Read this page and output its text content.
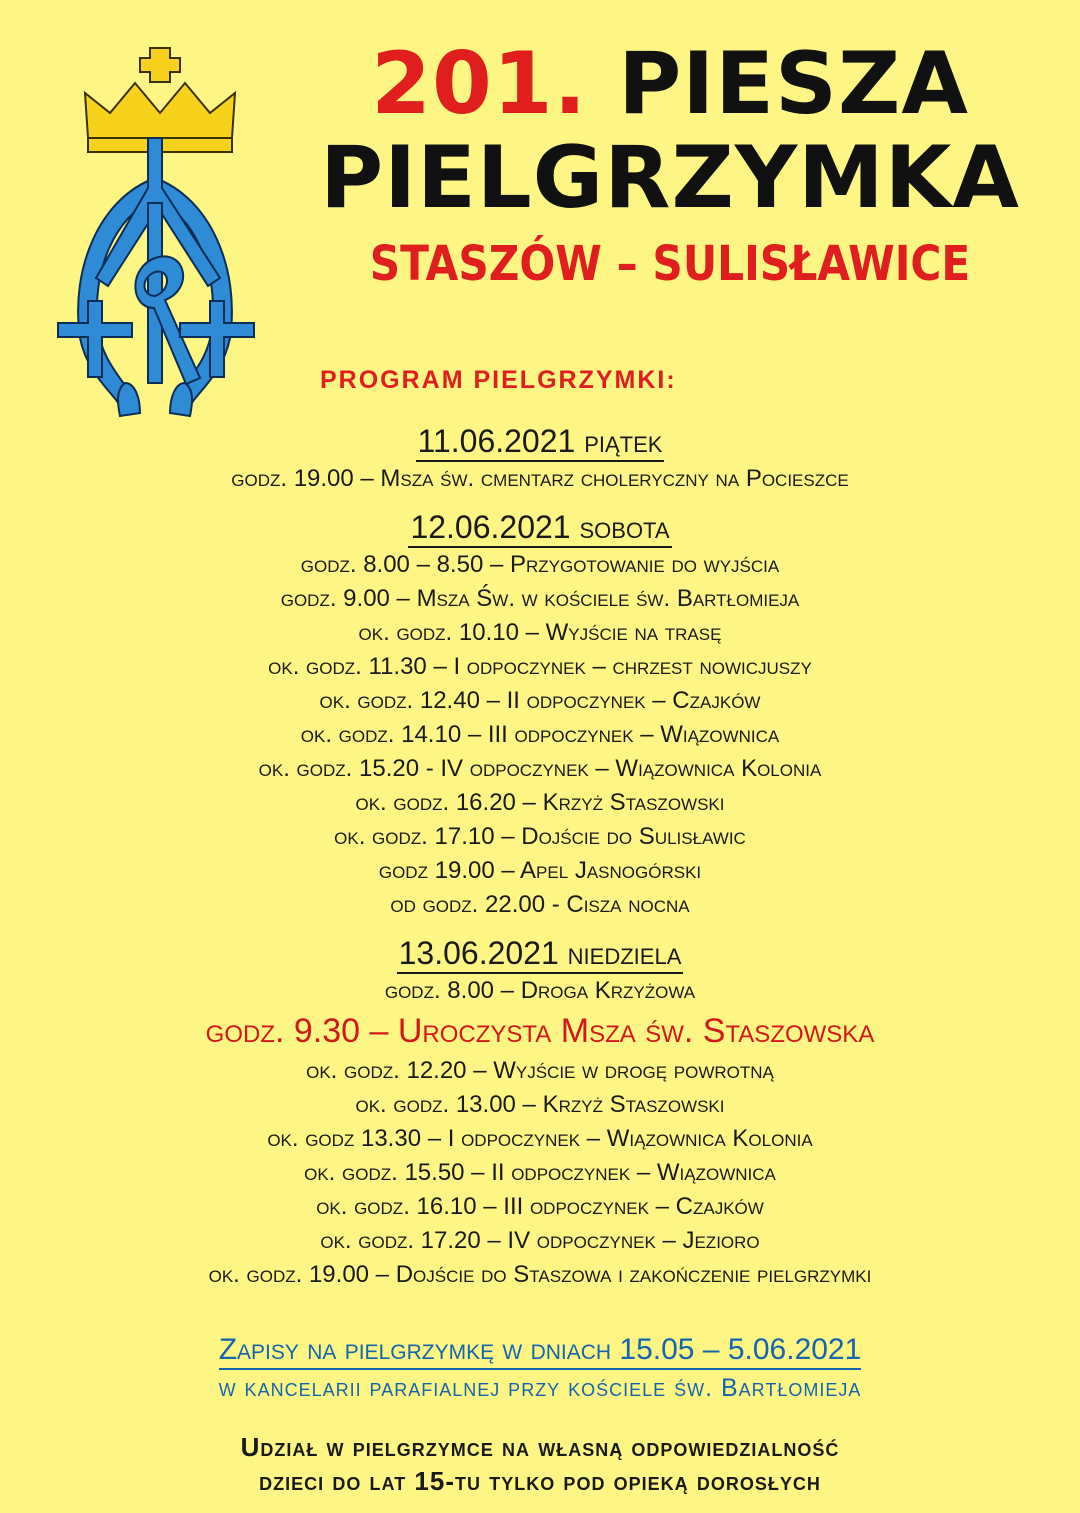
201. PIESZA
PIELGRZYMKA
STASZÓW – SULISŁAWICE
PROGRAM PIELGRZYMKI:
11.06.2021 piątek
godz. 19.00 – Msza św. cmentarz choleryczny na Pocieszce
12.06.2021 sobota
godz. 8.00 – 8.50 – Przygotowanie do wyjścia
godz. 9.00 – Msza Św. w kościele św. Bartłomieja
ok. godz. 10.10 – Wyjście na trasę
ok. godz. 11.30 – I odpoczynek – chrzest nowicjuszy
ok. godz. 12.40 – II odpoczynek – Czajków
ok. godz. 14.10 – III odpoczynek – Wiązownica
ok. godz. 15.20 - IV odpoczynek – Wiązownica Kolonia
ok. godz. 16.20 – Krzyż Staszowski
ok. godz. 17.10 – Dojście do Sulisławic
godz 19.00 – Apel Jasnogórski
od godz. 22.00 - Cisza nocna
13.06.2021 niedziela
godz. 8.00 – Droga Krzyżowa
godz. 9.30 – Uroczysta Msza św. Staszowska
ok. godz. 12.20 – Wyjście w drogę powrotną
ok. godz. 13.00 – Krzyż Staszowski
ok. godz 13.30 – I odpoczynek – Wiązownica Kolonia
ok. godz. 15.50 – II odpoczynek – Wiązownica
ok. godz. 16.10 – III odpoczynek – Czajków
ok. godz. 17.20 – IV odpoczynek – Jezioro
ok. godz. 19.00 – Dojście do Staszowa i zakończenie pielgrzymki
Zapisy na pielgrzymkę w dniach 15.05 – 5.06.2021
w kancelarii parafialnej przy kościele św. Bartłomieja
Udział w pielgrzymce na własną odpowiedzialność
dzieci do lat 15-tu tylko pod opieką dorosłych
